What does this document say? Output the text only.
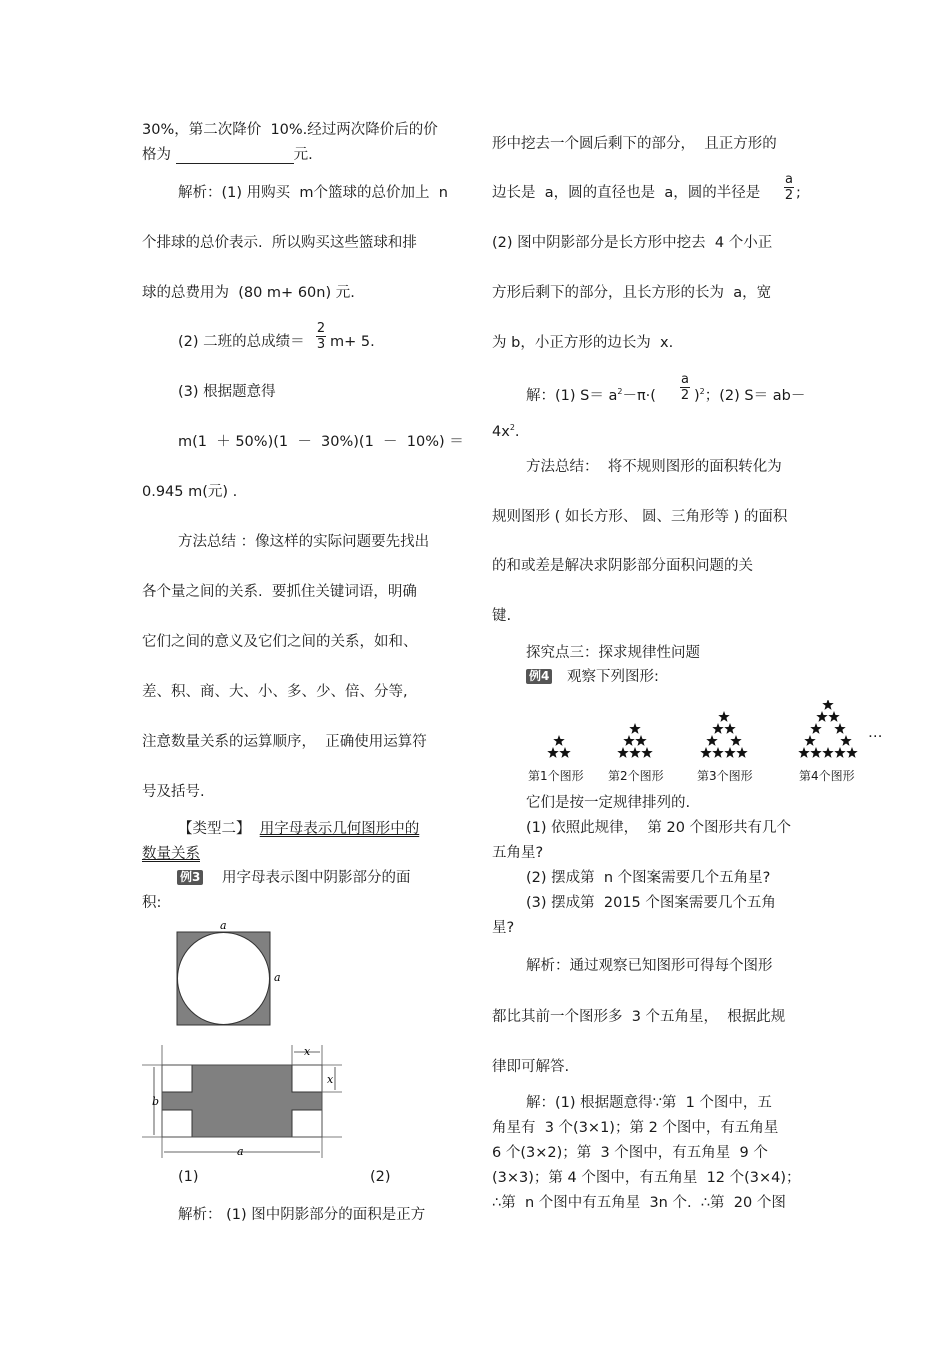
30%，第二次降价  10%.经过两次降价后的价
格为	元.
解析：(1) 用购买  m个篮球的总价加上  n
个排球的总价表示.  所以购买这些篮球和排
球的总费用为  (80 m+ 60n) 元.
(2) 二班的总成绩＝
2
3 m+ 5.
(3) 根据题意得
m(1  ＋ 50%)(1  －  30%)(1  －  10%) ＝
0.945 m(元) .
方法总结 ：像这样的实际问题要先找出
各个量之间的关系.  要抓住关键词语，明确
它们之间的意义及它们之间的关系，如和、
差、积、商、大、小、多、少、倍、分等,
注意数量关系的运算顺序，  正确使用运算符
号及括号.
【类型二】 用字母表示几何图形中的
数量关系
例3 用字母表示图中阴影部分的面
积:
a
a
x
x
b
a
(1)	(2)
解析： (1) 图中阴影部分的面积是正方
形中挖去一个圆后剩下的部分，  且正方形的
边长是  a，圆的直径也是  a，圆的半径是
a
2 ;
(2) 图中阴影部分是长方形中挖去  4 个小正
方形后剩下的部分，且长方形的长为  a，宽
为 b，小正方形的边长为  x.
解：(1) $S= a^2-\pi\cdot$(
a
2 )$^2$；(2) S＝ ab－
$4x^2$.
方法总结：  将不规则图形的面积转化为
规则图形 ( 如长方形、 圆、三角形等 ) 的面积
的和或差是解决求阴影部分面积问题的关
键.
探究点三：探求规律性问题
例4 观察下列图形:
第1个图形 第2个图形	第3个图形	第4个图形
…
它们是按一定规律排列的.
(1) 依照此规律，  第 20 个图形共有几个
五角星?
(2) 摆成第  n 个图案需要几个五角星?
(3) 摆成第  2015 个图案需要几个五角
星?
解析：通过观察已知图形可得每个图形
都比其前一个图形多  3 个五角星，  根据此规
律即可解答.
解：(1) 根据题意得∵第  1 个图中，五
角星有  3 个(3×1)；第 2 个图中，有五角星
6 个(3×2)；第  3 个图中，有五角星  9 个
(3×3)；第 4 个图中，有五角星  12 个(3×4)；
∴第  n 个图中有五角星  3n 个.  ∴第  20 个图
